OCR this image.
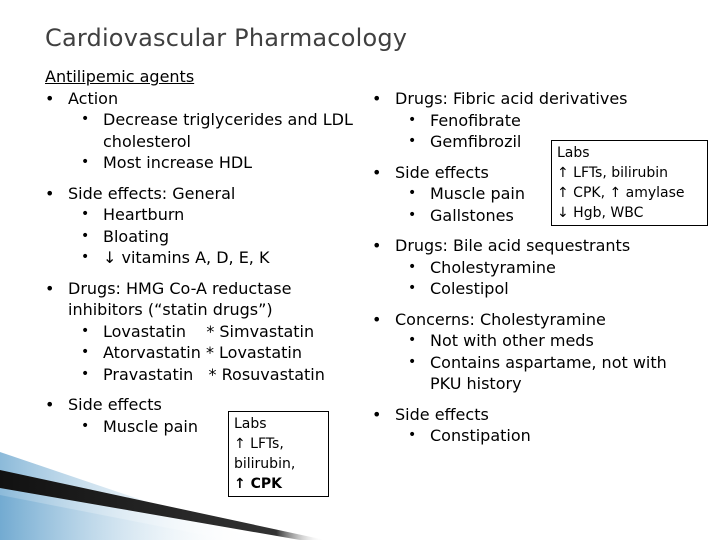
Cardiovascular Pharmacology
Antilipemic agents
• Action
• Decrease triglycerides and LDL cholesterol
• Most increase HDL
• Side effects: General
• Heartburn
• Bloating
• ↓ vitamins A, D, E, K
• Drugs: HMG Co-A reductase inhibitors (“statin drugs”)
• Lovastatin    * Simvastatin
• Atorvastatin * Lovastatin
• Pravastatin   * Rosuvastatin
• Side effects
• Muscle pain
• Drugs: Fibric acid derivatives
• Fenofibrate
• Gemfibrozil
• Side effects
• Muscle pain
• Gallstones
• Drugs: Bile acid sequestrants
• Cholestyramine
• Colestipol
• Concerns: Cholestyramine
• Not with other meds
• Contains aspartame, not with PKU history
• Side effects
• Constipation
Labs
↑ LFTs, bilirubin
↑ CPK, ↑ amylase
↓ Hgb, WBC
Labs
↑ LFTs,
bilirubin,
↑ CPK
